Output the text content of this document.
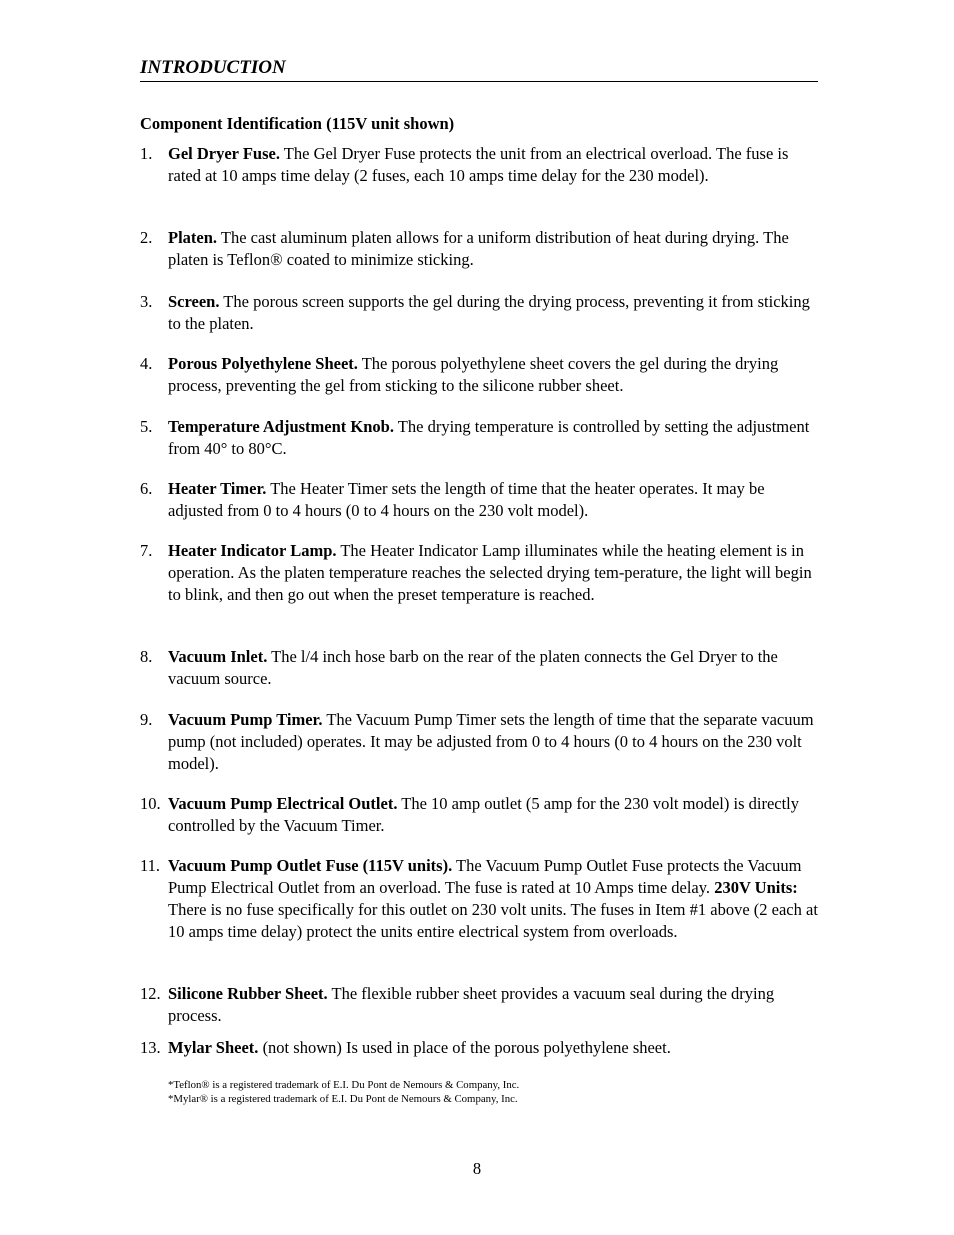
INTRODUCTION
Component Identification (115V unit shown)
1. Gel Dryer Fuse. The Gel Dryer Fuse protects the unit from an electrical overload. The fuse is rated at 10 amps time delay (2 fuses, each 10 amps time delay for the 230 model).
2. Platen. The cast aluminum platen allows for a uniform distribution of heat during drying. The platen is Teflon® coated to minimize sticking.
3. Screen. The porous screen supports the gel during the drying process, preventing it from sticking to the platen.
4. Porous Polyethylene Sheet. The porous polyethylene sheet covers the gel during the drying process, preventing the gel from sticking to the silicone rubber sheet.
5. Temperature Adjustment Knob. The drying temperature is controlled by setting the adjustment from 40° to 80°C.
6. Heater Timer. The Heater Timer sets the length of time that the heater operates. It may be adjusted from 0 to 4 hours (0 to 4 hours on the 230 volt model).
7. Heater Indicator Lamp. The Heater Indicator Lamp illuminates while the heating element is in operation. As the platen temperature reaches the selected drying tem-perature, the light will begin to blink, and then go out when the preset temperature is reached.
8. Vacuum Inlet. The l/4 inch hose barb on the rear of the platen connects the Gel Dryer to the vacuum source.
9. Vacuum Pump Timer. The Vacuum Pump Timer sets the length of time that the separate vacuum pump (not included) operates. It may be adjusted from 0 to 4 hours (0 to 4 hours on the 230 volt model).
10. Vacuum Pump Electrical Outlet. The 10 amp outlet (5 amp for the 230 volt model) is directly controlled by the Vacuum Timer.
11. Vacuum Pump Outlet Fuse (115V units). The Vacuum Pump Outlet Fuse protects the Vacuum Pump Electrical Outlet from an overload. The fuse is rated at 10 Amps time delay. 230V Units: There is no fuse specifically for this outlet on 230 volt units. The fuses in Item #1 above (2 each at 10 amps time delay) protect the units entire electrical system from overloads.
12. Silicone Rubber Sheet. The flexible rubber sheet provides a vacuum seal during the drying process.
13. Mylar Sheet. (not shown) Is used in place of the porous polyethylene sheet.
*Teflon® is a registered trademark of E.I. Du Pont de Nemours & Company, Inc.
*Mylar® is a registered trademark of E.I. Du Pont de Nemours & Company, Inc.
8
